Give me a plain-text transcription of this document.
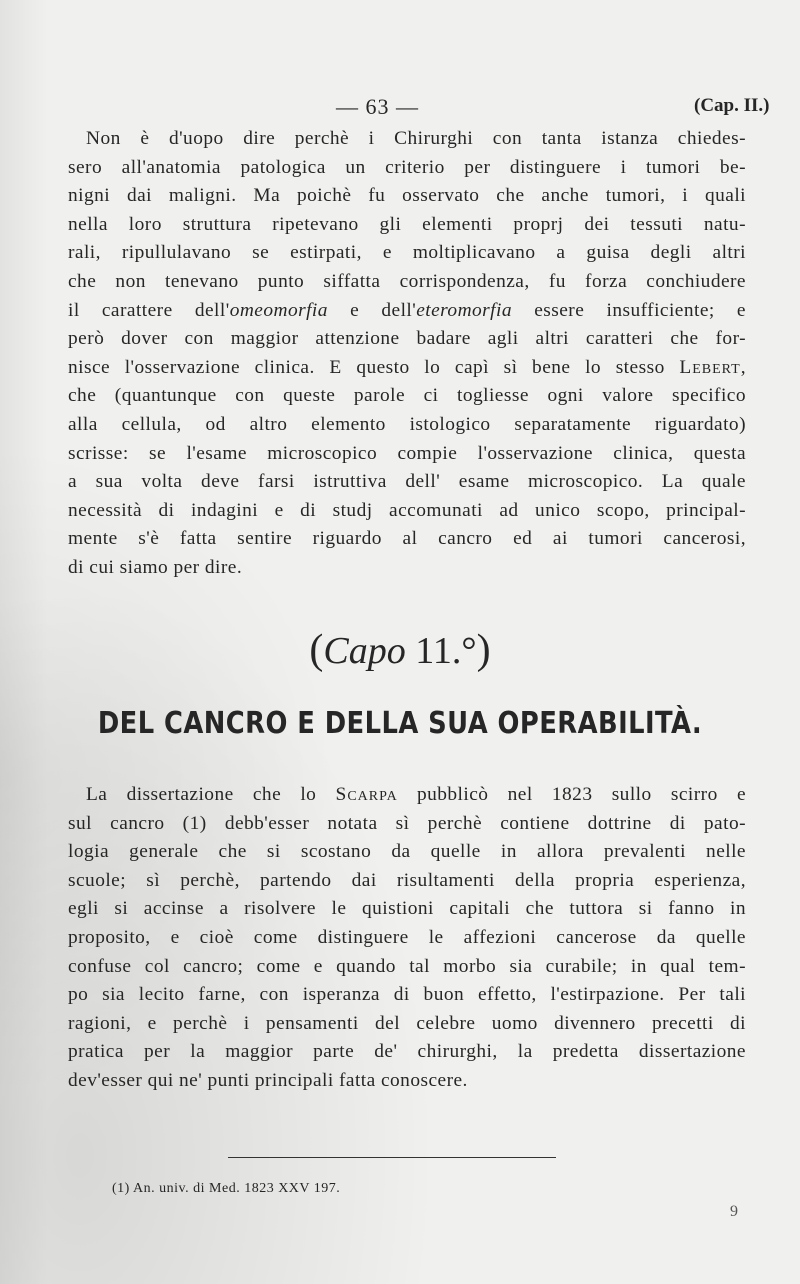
— 63 —	(Cap. II.)
Non è d'uopo dire perchè i Chirurghi con tanta istanza chiedes-
sero all'anatomia patologica un criterio per distinguere i tumori be-
nigni dai maligni. Ma poichè fu osservato che anche tumori, i quali
nella loro struttura ripetevano gli elementi proprj dei tessuti natu-
rali, ripullulavano se estirpati, e moltiplicavano a guisa degli altri
che non tenevano punto siffatta corrispondenza, fu forza conchiudere
il carattere dell'omeomorfia e dell'eteromorfia essere insufficiente; e
però dover con maggior attenzione badare agli altri caratteri che for-
nisce l'osservazione clinica. E questo lo capì sì bene lo stesso Lebert,
che (quantunque con queste parole ci togliesse ogni valore specifico
alla cellula, od altro elemento istologico separatamente riguardato)
scrisse: se l'esame microscopico compie l'osservazione clinica, questa
a sua volta deve farsi istruttiva dell' esame microscopico. La quale
necessità di indagini e di studj accomunati ad unico scopo, principal-
mente s'è fatta sentire riguardo al cancro ed ai tumori cancerosi,
di cui siamo per dire.
(Capo 11.°)
DEL CANCRO E DELLA SUA OPERABILITÀ.
La dissertazione che lo Scarpa pubblicò nel 1823 sullo scirro e
sul cancro (1) debb'esser notata sì perchè contiene dottrine di pato-
logia generale che si scostano da quelle in allora prevalenti nelle
scuole; sì perchè, partendo dai risultamenti della propria esperienza,
egli si accinse a risolvere le quistioni capitali che tuttora si fanno in
proposito, e cioè come distinguere le affezioni cancerose da quelle
confuse col cancro; come e quando tal morbo sia curabile; in qual tem-
po sia lecito farne, con isperanza di buon effetto, l'estirpazione. Per tali
ragioni, e perchè i pensamenti del celebre uomo divennero precetti di
pratica per la maggior parte de' chirurghi, la predetta dissertazione
dev'esser qui ne' punti principali fatta conoscere.
(1) An. univ. di Med. 1823 XXV 197.
9
